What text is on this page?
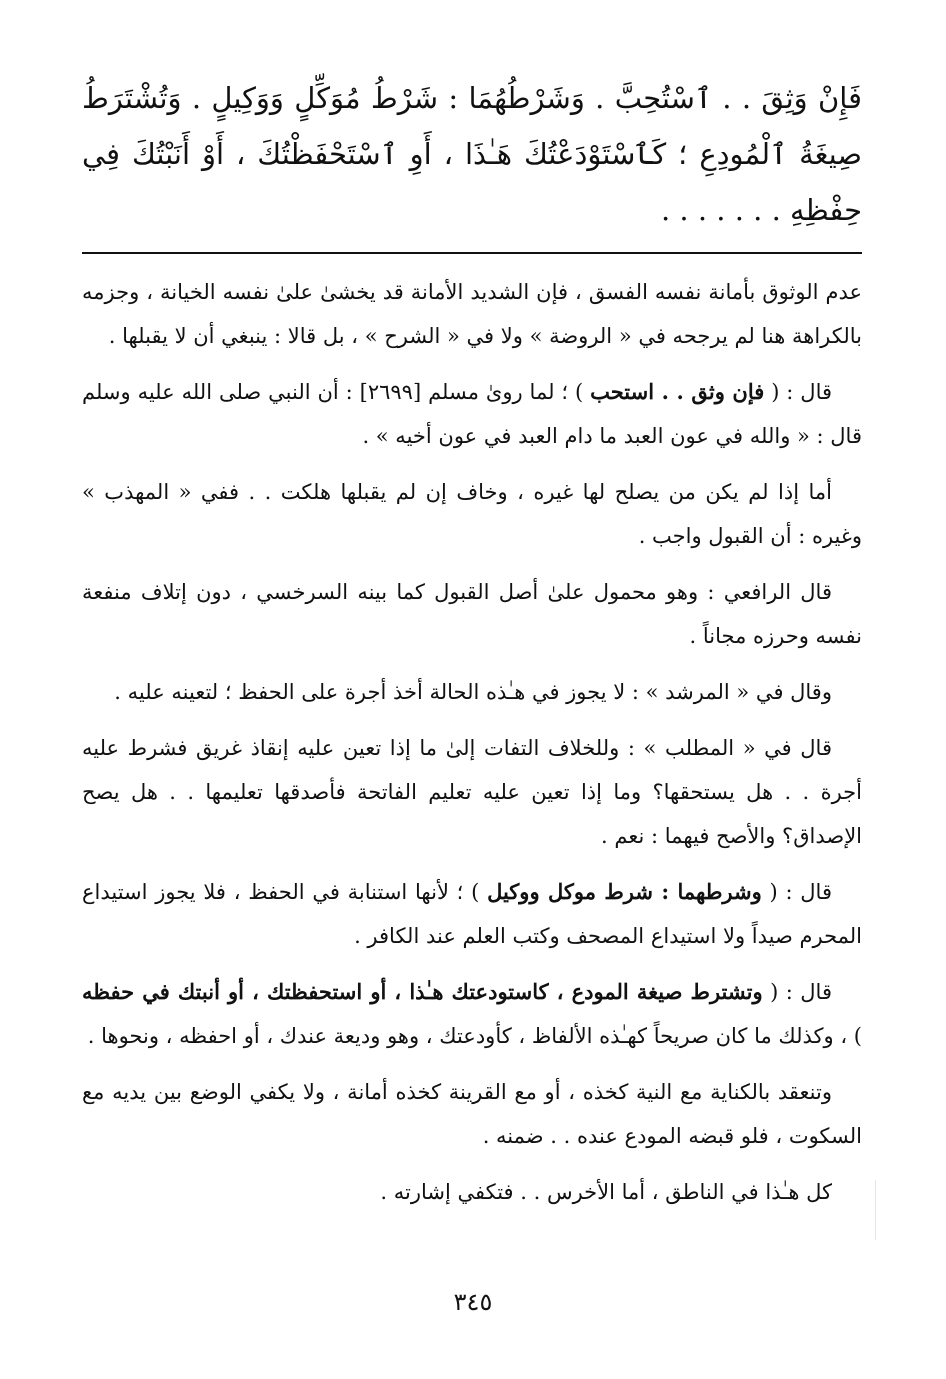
فَإِنْ وَثِقَ . . ٱسْتُحِبَّ . وَشَرْطُهُمَا : شَرْطُ مُوَكِّلٍ وَوَكِيلٍ . وَتُشْتَرَطُ صِيغَةُ ٱلْمُودِعِ ؛ كَٱسْتَوْدَعْتُكَ هَـٰذَا ، أَوِ ٱسْتَحْفَظْتُكَ ، أَوْ أَنَبْتُكَ فِي حِفْظِهِ . . . . . . .

عدم الوثوق بأمانة نفسه الفسق ، فإن الشديد الأمانة قد يخشىٰ علىٰ نفسه الخيانة ، وجزمه بالكراهة هنا لم يرجحه في « الروضة » ولا في « الشرح » ، بل قالا : ينبغي أن لا يقبلها .

قال : ( فإن وثق . . استحب ) ؛ لما روىٰ مسلم [٢٦٩٩] : أن النبي صلى الله عليه وسلم قال : « والله في عون العبد ما دام العبد في عون أخيه » .

أما إذا لم يكن من يصلح لها غيره ، وخاف إن لم يقبلها هلكت . . ففي « المهذب » وغيره : أن القبول واجب .

قال الرافعي : وهو محمول علىٰ أصل القبول كما بينه السرخسي ، دون إتلاف منفعة نفسه وحرزه مجاناً .

وقال في « المرشد » : لا يجوز في هـٰذه الحالة أخذ أجرة على الحفظ ؛ لتعينه عليه .

قال في « المطلب » : وللخلاف التفات إلىٰ ما إذا تعين عليه إنقاذ غريق فشرط عليه أجرة . . هل يستحقها؟ وما إذا تعين عليه تعليم الفاتحة فأصدقها تعليمها . . هل يصح الإصداق؟ والأصح فيهما : نعم .

قال : ( وشرطهما : شرط موكل ووكيل ) ؛ لأنها استنابة في الحفظ ، فلا يجوز استيداع المحرم صيداً ولا استيداع المصحف وكتب العلم عند الكافر .

قال : ( وتشترط صيغة المودع ، كاستودعتك هـٰذا ، أو استحفظتك ، أو أنبتك في حفظه ) ، وكذلك ما كان صريحاً كهـٰذه الألفاظ ، كأودعتك ، وهو وديعة عندك ، أو احفظه ، ونحوها .

وتنعقد بالكناية مع النية كخذه ، أو مع القرينة كخذه أمانة ، ولا يكفي الوضع بين يديه مع السكوت ، فلو قبضه المودع عنده . . ضمنه .

كل هـٰذا في الناطق ، أما الأخرس . . فتكفي إشارته .

٣٤٥
